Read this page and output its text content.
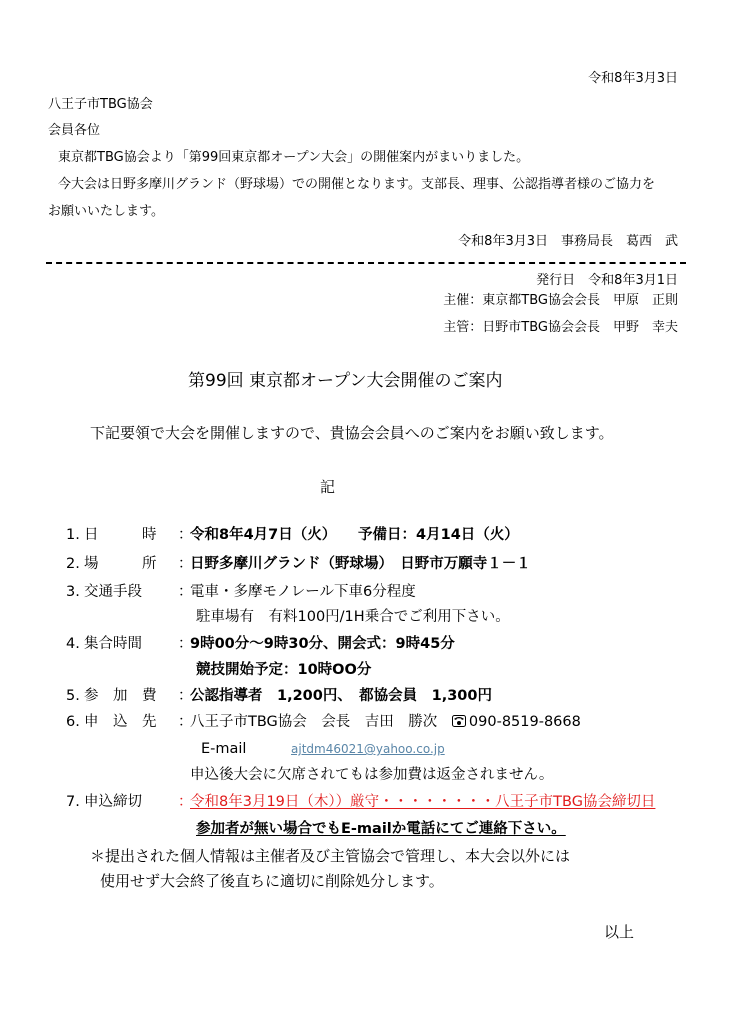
令和8年3月3日
八王子市TBG協会
会員各位
東京都TBG協会より「第99回東京都オープン大会」の開催案内がまいりました。
今大会は日野多摩川グランド（野球場）での開催となります。支部長、理事、公認指導者様のご協力を
お願いいたします。
令和8年3月3日　事務局長　葛西　武
発行日　令和8年3月1日
主催：東京都TBG協会会長　甲原　正則
主管：日野市TBG協会会長　甲野　幸夫
第99回 東京都オープン大会開催のご案内
下記要領で大会を開催しますので、貴協会会員へのご案内をお願い致します。
記
1. 日　　　時	：
令和8年4月7日（火）　　予備日：4月14日（火）
2. 場　　　所	：
日野多摩川グランド（野球場）　日野市万願寺１－１
3. 交通手段	：
電車・多摩モノレール下車6分程度
駐車場有　有料100円/1H乗合でご利用下さい。
4. 集合時間	：
9時00分～9時30分、開会式：9時45分
競技開始予定：10時OO分
5. 参　加　費	：
公認指導者　1,200円、　都協会員　1,300円
6. 申　込　先	：
八王子市TBG協会　会長　吉田　勝次 090-8519-8668
E-mail	ajtdm46021@yahoo.co.jp
申込後大会に欠席されてもは参加費は返金されません。
7. 申込締切	：
令和8年3月19日（木））厳守・・・・・・・・八王子市TBG協会締切日
参加者が無い場合でもE-mailか電話にてご連絡下さい。
＊提出された個人情報は主催者及び主管協会で管理し、本大会以外には
使用せず大会終了後直ちに適切に削除処分します。
以上
